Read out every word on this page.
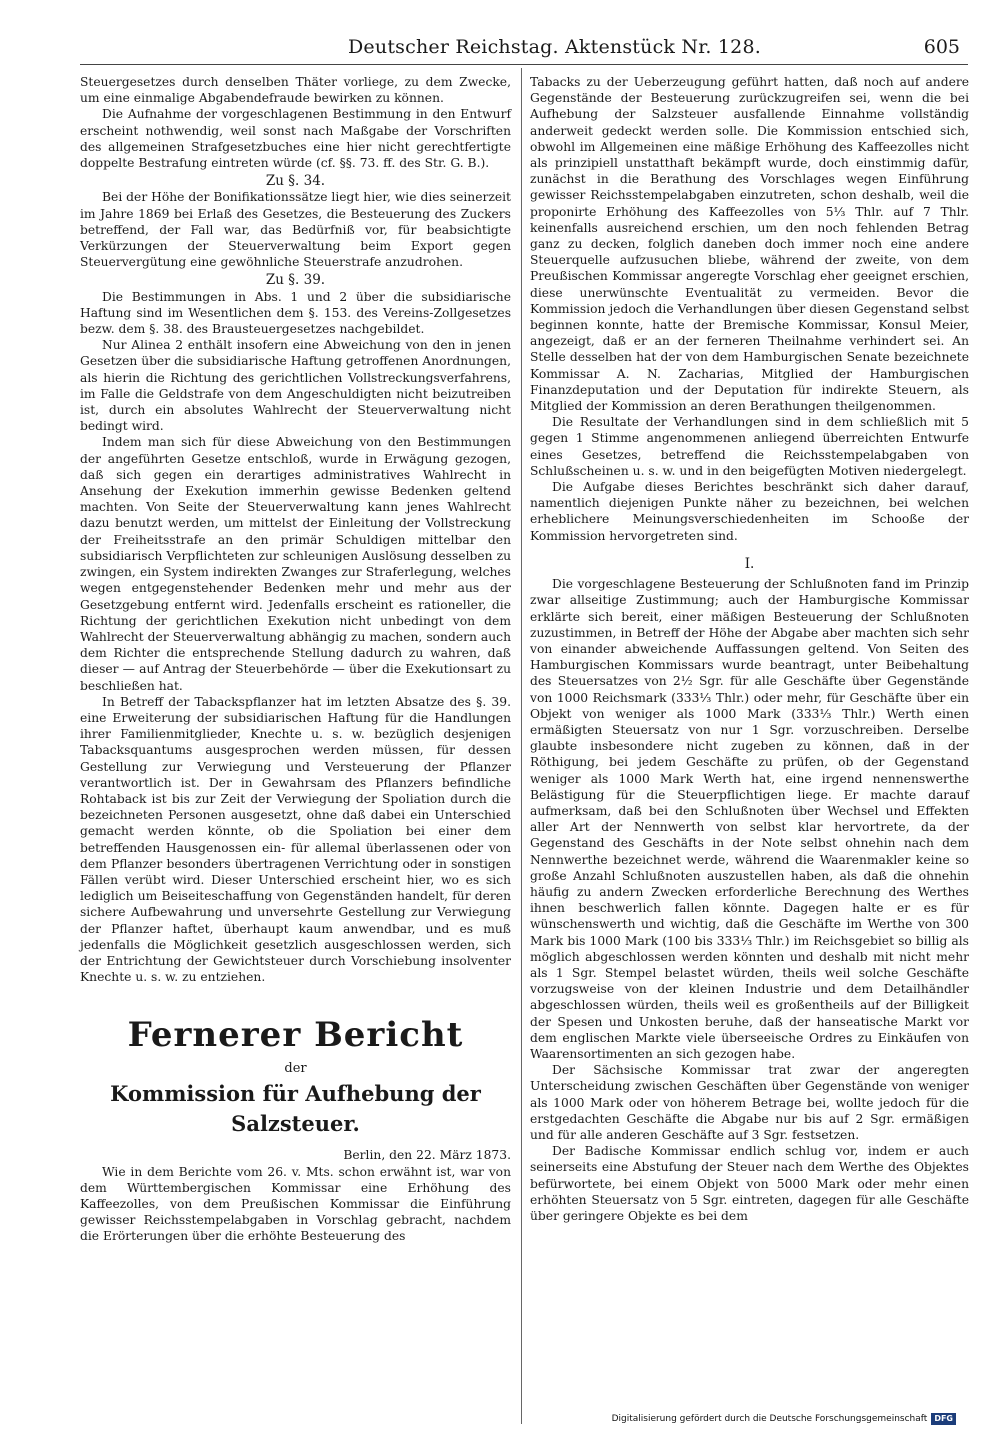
Deutscher Reichstag. Aktenstück Nr. 128.	605

Steuergesetzes durch denselben Thäter vorliege, zu dem Zwecke, um eine einmalige Abgabendefraude bewirken zu können.

Die Aufnahme der vorgeschlagenen Bestimmung in den Entwurf erscheint nothwendig, weil sonst nach Maßgabe der Vorschriften des allgemeinen Strafgesetzbuches eine hier nicht gerechtfertigte doppelte Bestrafung eintreten würde (cf. §§. 73. ff. des Str. G. B.).

Zu §. 34.

Bei der Höhe der Bonifikationssätze liegt hier, wie dies seinerzeit im Jahre 1869 bei Erlaß des Gesetzes, die Besteuerung des Zuckers betreffend, der Fall war, das Bedürfniß vor, für beabsichtigte Verkürzungen der Steuerverwaltung beim Export gegen Steuervergütung eine gewöhnliche Steuerstrafe anzudrohen.

Zu §. 39.

Die Bestimmungen in Abs. 1 und 2 über die subsidiarische Haftung sind im Wesentlichen dem §. 153. des Vereins-Zollgesetzes bezw. dem §. 38. des Brausteuergesetzes nachgebildet.

Nur Alinea 2 enthält insofern eine Abweichung von den in jenen Gesetzen über die subsidiarische Haftung getroffenen Anordnungen, als hierin die Richtung des gerichtlichen Vollstreckungsverfahrens, im Falle die Geldstrafe von dem Angeschuldigten nicht beizutreiben ist, durch ein absolutes Wahlrecht der Steuerverwaltung nicht bedingt wird.

Indem man sich für diese Abweichung von den Bestimmungen der angeführten Gesetze entschloß, wurde in Erwägung gezogen, daß sich gegen ein derartiges administratives Wahlrecht in Ansehung der Exekution immerhin gewisse Bedenken geltend machten. Von Seite der Steuerverwaltung kann jenes Wahlrecht dazu benutzt werden, um mittelst der Einleitung der Vollstreckung der Freiheitsstrafe an den primär Schuldigen mittelbar den subsidiarisch Verpflichteten zur schleunigen Auslösung desselben zu zwingen, ein System indirekten Zwanges zur Straferlegung, welches wegen entgegenstehender Bedenken mehr und mehr aus der Gesetzgebung entfernt wird. Jedenfalls erscheint es rationeller, die Richtung der gerichtlichen Exekution nicht unbedingt von dem Wahlrecht der Steuerverwaltung abhängig zu machen, sondern auch dem Richter die entsprechende Stellung dadurch zu wahren, daß dieser — auf Antrag der Steuerbehörde — über die Exekutionsart zu beschließen hat.

In Betreff der Tabackspflanzer hat im letzten Absatze des §. 39. eine Erweiterung der subsidiarischen Haftung für die Handlungen ihrer Familienmitglieder, Knechte u. s. w. bezüglich desjenigen Tabacksquantums ausgesprochen werden müssen, für dessen Gestellung zur Verwiegung und Versteuerung der Pflanzer verantwortlich ist. Der in Gewahrsam des Pflanzers befindliche Rohtaback ist bis zur Zeit der Verwiegung der Spoliation durch die bezeichneten Personen ausgesetzt, ohne daß dabei ein Unterschied gemacht werden könnte, ob die Spoliation bei einer dem betreffenden Hausgenossen ein- für allemal überlassenen oder von dem Pflanzer besonders übertragenen Verrichtung oder in sonstigen Fällen verübt wird. Dieser Unterschied erscheint hier, wo es sich lediglich um Beiseiteschaffung von Gegenständen handelt, für deren sichere Aufbewahrung und unversehrte Gestellung zur Verwiegung der Pflanzer haftet, überhaupt kaum anwendbar, und es muß jedenfalls die Möglichkeit gesetzlich ausgeschlossen werden, sich der Entrichtung der Gewichtsteuer durch Vorschiebung insolventer Knechte u. s. w. zu entziehen.

Fernerer Bericht
der
Kommission für Aufhebung der Salzsteuer.

Berlin, den 22. März 1873.

Wie in dem Berichte vom 26. v. Mts. schon erwähnt ist, war von dem Württembergischen Kommissar eine Erhöhung des Kaffeezolles, von dem Preußischen Kommissar die Einführung gewisser Reichsstempelabgaben in Vorschlag gebracht, nachdem die Erörterungen über die erhöhte Besteuerung des

Tabacks zu der Ueberzeugung geführt hatten, daß noch auf andere Gegenstände der Besteuerung zurückzugreifen sei, wenn die bei Aufhebung der Salzsteuer ausfallende Einnahme vollständig anderweit gedeckt werden solle. Die Kommission entschied sich, obwohl im Allgemeinen eine mäßige Erhöhung des Kaffeezolles nicht als prinzipiell unstatthaft bekämpft wurde, doch einstimmig dafür, zunächst in die Berathung des Vorschlages wegen Einführung gewisser Reichsstempelabgaben einzutreten, schon deshalb, weil die proponirte Erhöhung des Kaffeezolles von 5⅓ Thlr. auf 7 Thlr. keinenfalls ausreichend erschien, um den noch fehlenden Betrag ganz zu decken, folglich daneben doch immer noch eine andere Steuerquelle aufzusuchen bliebe, während der zweite, von dem Preußischen Kommissar angeregte Vorschlag eher geeignet erschien, diese unerwünschte Eventualität zu vermeiden. Bevor die Kommission jedoch die Verhandlungen über diesen Gegenstand selbst beginnen konnte, hatte der Bremische Kommissar, Konsul Meier, angezeigt, daß er an der ferneren Theilnahme verhindert sei. An Stelle desselben hat der von dem Hamburgischen Senate bezeichnete Kommissar A. N. Zacharias, Mitglied der Hamburgischen Finanzdeputation und der Deputation für indirekte Steuern, als Mitglied der Kommission an deren Berathungen theilgenommen.

Die Resultate der Verhandlungen sind in dem schließlich mit 5 gegen 1 Stimme angenommenen anliegend überreichten Entwurfe eines Gesetzes, betreffend die Reichsstempelabgaben von Schlußscheinen u. s. w. und in den beigefügten Motiven niedergelegt.

Die Aufgabe dieses Berichtes beschränkt sich daher darauf, namentlich diejenigen Punkte näher zu bezeichnen, bei welchen erheblichere Meinungsverschiedenheiten im Schooße der Kommission hervorgetreten sind.

I.

Die vorgeschlagene Besteuerung der Schlußnoten fand im Prinzip zwar allseitige Zustimmung; auch der Hamburgische Kommissar erklärte sich bereit, einer mäßigen Besteuerung der Schlußnoten zuzustimmen, in Betreff der Höhe der Abgabe aber machten sich sehr von einander abweichende Auffassungen geltend. Von Seiten des Hamburgischen Kommissars wurde beantragt, unter Beibehaltung des Steuersatzes von 2½ Sgr. für alle Geschäfte über Gegenstände von 1000 Reichsmark (333⅓ Thlr.) oder mehr, für Geschäfte über ein Objekt von weniger als 1000 Mark (333⅓ Thlr.) Werth einen ermäßigten Steuersatz von nur 1 Sgr. vorzuschreiben. Derselbe glaubte insbesondere nicht zugeben zu können, daß in der Röthigung, bei jedem Geschäfte zu prüfen, ob der Gegenstand weniger als 1000 Mark Werth hat, eine irgend nennenswerthe Belästigung für die Steuerpflichtigen liege. Er machte darauf aufmerksam, daß bei den Schlußnoten über Wechsel und Effekten aller Art der Nennwerth von selbst klar hervortrete, da der Gegenstand des Geschäfts in der Note selbst ohnehin nach dem Nennwerthe bezeichnet werde, während die Waarenmakler keine so große Anzahl Schlußnoten auszustellen haben, als daß die ohnehin häufig zu andern Zwecken erforderliche Berechnung des Werthes ihnen beschwerlich fallen könnte. Dagegen halte er es für wünschenswerth und wichtig, daß die Geschäfte im Werthe von 300 Mark bis 1000 Mark (100 bis 333⅓ Thlr.) im Reichsgebiet so billig als möglich abgeschlossen werden könnten und deshalb mit nicht mehr als 1 Sgr. Stempel belastet würden, theils weil solche Geschäfte vorzugsweise von der kleinen Industrie und dem Detailhändler abgeschlossen würden, theils weil es großentheils auf der Billigkeit der Spesen und Unkosten beruhe, daß der hanseatische Markt vor dem englischen Markte viele überseeische Ordres zu Einkäufen von Waarensortimenten an sich gezogen habe.

Der Sächsische Kommissar trat zwar der angeregten Unterscheidung zwischen Geschäften über Gegenstände von weniger als 1000 Mark oder von höherem Betrage bei, wollte jedoch für die erstgedachten Geschäfte die Abgabe nur bis auf 2 Sgr. ermäßigen und für alle anderen Geschäfte auf 3 Sgr. festsetzen.

Der Badische Kommissar endlich schlug vor, indem er auch seinerseits eine Abstufung der Steuer nach dem Werthe des Objektes befürwortete, bei einem Objekt von 5000 Mark oder mehr einen erhöhten Steuersatz von 5 Sgr. eintreten, dagegen für alle Geschäfte über geringere Objekte es bei dem

Digitalisierung gefördert durch die Deutsche Forschungsgemeinschaft DFG
